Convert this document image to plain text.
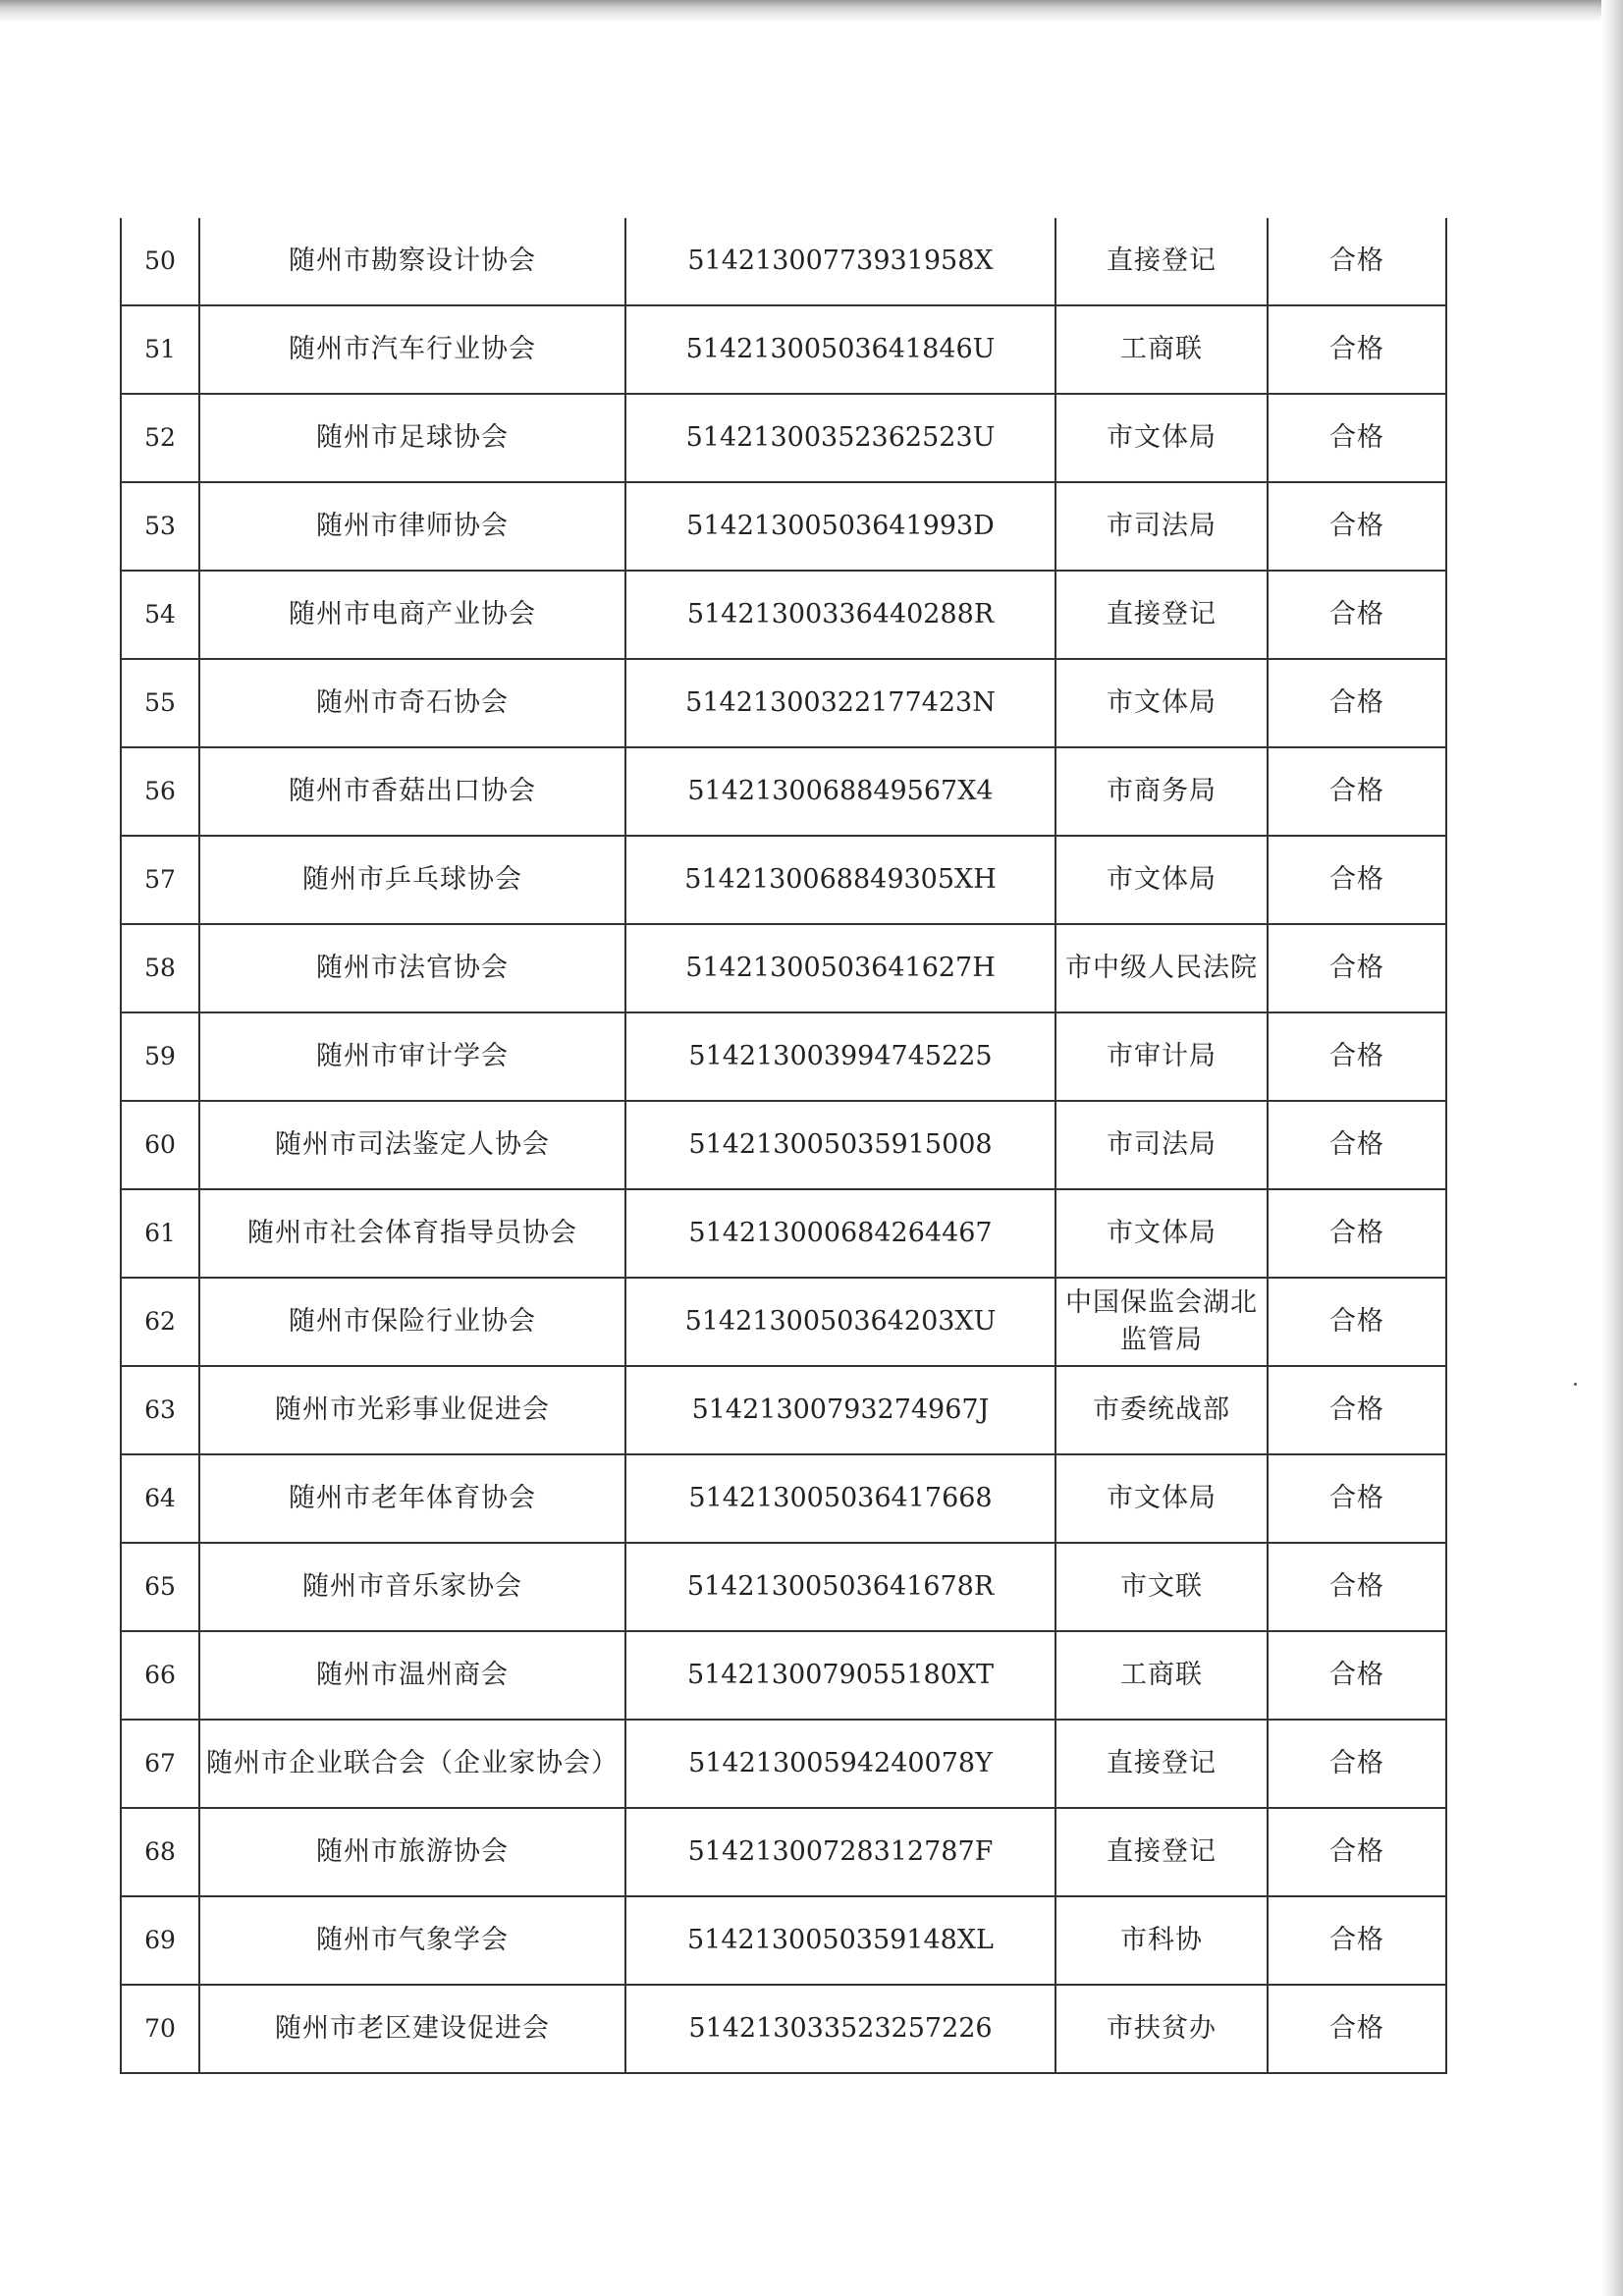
50	随州市勘察设计协会	51421300773931958X	直接登记	合格
51	随州市汽车行业协会	51421300503641846U	工商联	合格
52	随州市足球协会	51421300352362523U	市文体局	合格
53	随州市律师协会	51421300503641993D	市司法局	合格
54	随州市电商产业协会	51421300336440288R	直接登记	合格
55	随州市奇石协会	51421300322177423N	市文体局	合格
56	随州市香菇出口协会	5142130068849567X4	市商务局	合格
57	随州市乒乓球协会	5142130068849305XH	市文体局	合格
58	随州市法官协会	51421300503641627H	市中级人民法院	合格
59	随州市审计学会	514213003994745225	市审计局	合格
60	随州市司法鉴定人协会	514213005035915008	市司法局	合格
61	随州市社会体育指导员协会	514213000684264467	市文体局	合格
62	随州市保险行业协会	5142130050364203XU	中国保监会湖北监管局	合格
63	随州市光彩事业促进会	51421300793274967J	市委统战部	合格
64	随州市老年体育协会	514213005036417668	市文体局	合格
65	随州市音乐家协会	51421300503641678R	市文联	合格
66	随州市温州商会	5142130079055180XT	工商联	合格
67	随州市企业联合会（企业家协会）	51421300594240078Y	直接登记	合格
68	随州市旅游协会	51421300728312787F	直接登记	合格
69	随州市气象学会	5142130050359148XL	市科协	合格
70	随州市老区建设促进会	514213033523257226	市扶贫办	合格
